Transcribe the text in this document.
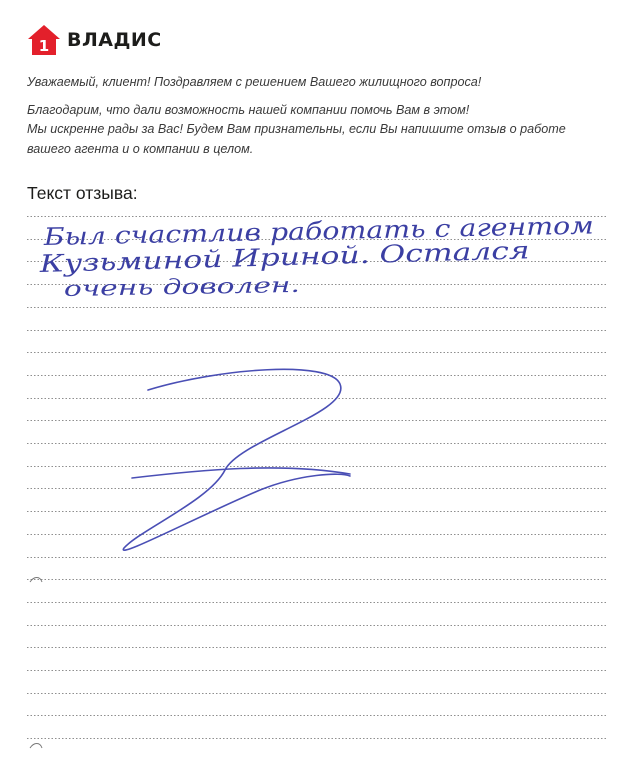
1 ВЛАДИС

Уважаемый, клиент! Поздравляем с решением Вашего жилищного вопроса!

Благодарим, что дали возможность нашей компании помочь Вам в этом!

Мы искренне рады за Вас! Будем Вам признательны, если Вы напишите отзыв о работе

вашего агента и о компании в целом.

Текст отзыва:
Был счастлив работать с агентом
Кузьминой Ириной. Остался
очень доволен.
